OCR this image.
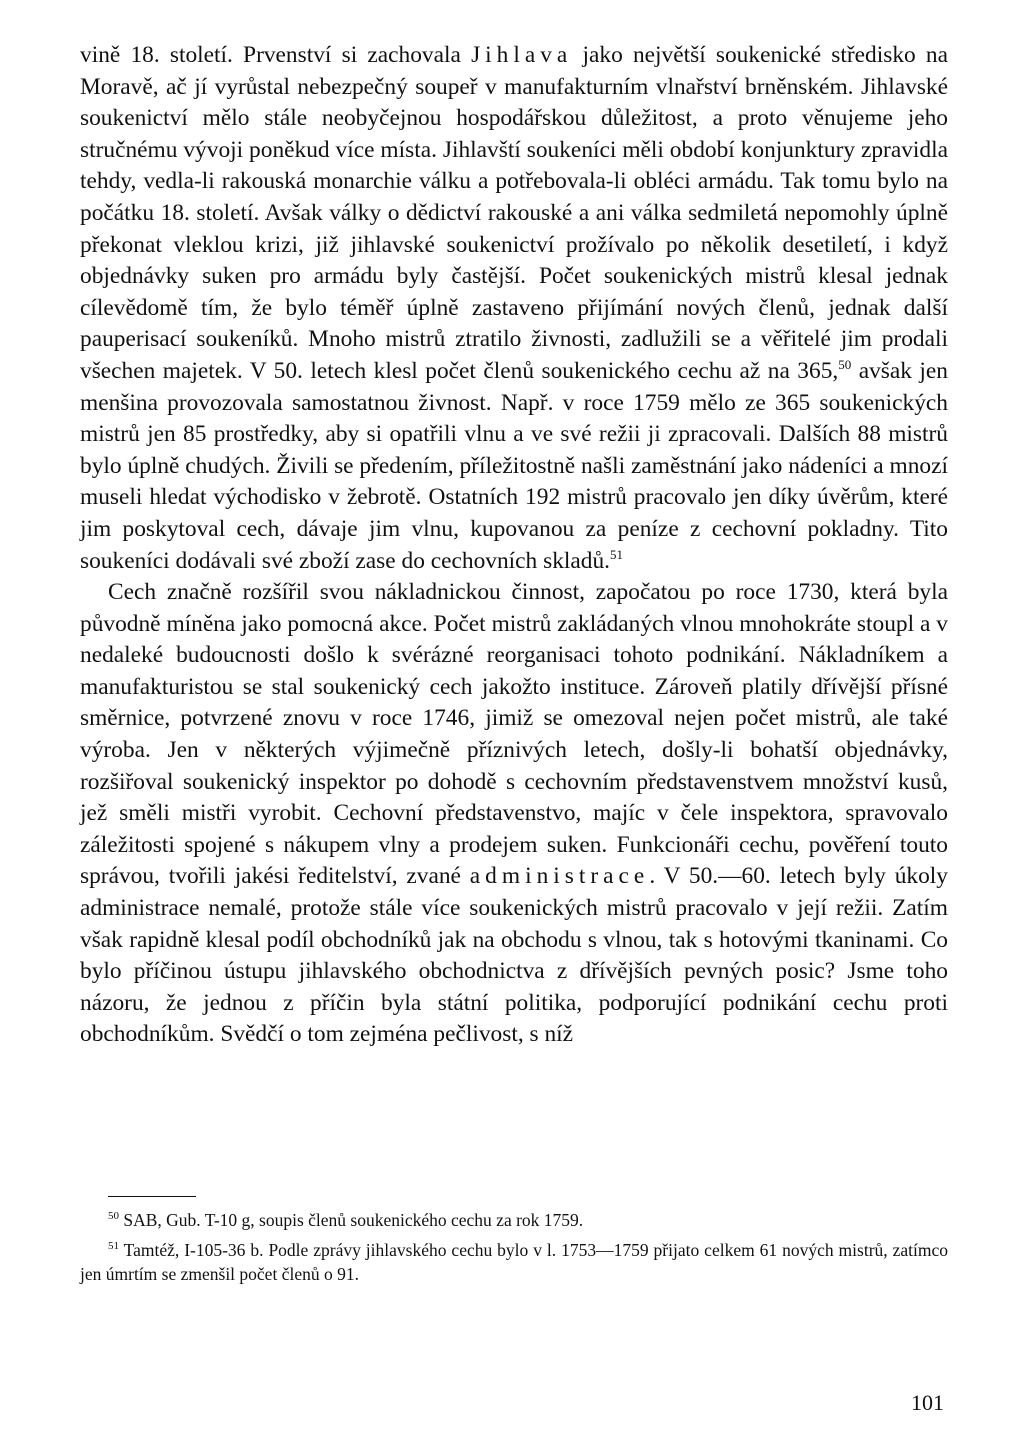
vině 18. století. Prvenství si zachovala Jihlava jako největší soukenické středisko na Moravě, ač jí vyrůstal nebezpečný soupeř v manufakturním vlnařství brněnském. Jihlavské soukenictví mělo stále neobyčejnou hospodářskou důležitost, a proto věnujeme jeho stručnému vývoji poněkud více místa. Jihlavští soukeníci měli období konjunktury zpravidla tehdy, vedla-li rakouská monarchie válku a potřebovala-li obléci armádu. Tak tomu bylo na počátku 18. století. Avšak války o dědictví rakouské a ani válka sedmiletá nepomohly úplně překonat vleklou krizi, již jihlavské soukenictví prožívalo po několik desetiletí, i když objednávky suken pro armádu byly častější. Počet soukenických mistrů klesal jednak cílevědomě tím, že bylo téměř úplně zastaveno přijímání nových členů, jednak další pauperisací soukeníků. Mnoho mistrů ztratilo živnosti, zadlužili se a věřitelé jim prodali všechen majetek. V 50. letech klesl počet členů soukenického cechu až na 365,50 avšak jen menšina provozovala samostatnou živnost. Např. v roce 1759 mělo ze 365 soukenických mistrů jen 85 prostředky, aby si opatřili vlnu a ve své režii ji zpracovali. Dalších 88 mistrů bylo úplně chudých. Živili se předením, příležitostně našli zaměstnání jako nádeníci a mnozí museli hledat východisko v žebrotě. Ostatních 192 mistrů pracovalo jen díky úvěrům, které jim poskytoval cech, dávaje jim vlnu, kupovanou za peníze z cechovní pokladny. Tito soukeníci dodávali své zboží zase do cechovních skladů.$^{51}$

Cech značně rozšířil svou nákladnickou činnost, započatou po roce 1730, která byla původně míněna jako pomocná akce. Počet mistrů zakládaných vlnou mnohokráte stoupl a v nedaleké budoucnosti došlo k svérázné reorganisaci tohoto podnikání. Nákladníkem a manufakturistou se stal soukenický cech jakožto instituce. Zároveň platily dřívější přísné směrnice, potvrzené znovu v roce 1746, jimiž se omezoval nejen počet mistrů, ale také výroba. Jen v některých výjimečně příznivých letech, došly-li bohatší objednávky, rozšiřoval soukenický inspektor po dohodě s cechovním představenstvem množství kusů, jež směli mistři vyrobit. Cechovní představenstvo, majíc v čele inspektora, spravovalo záležitosti spojené s nákupem vlny a prodejem suken. Funkcionáři cechu, pověření touto správou, tvořili jakési ředitelství, zvané administrace. V 50.—60. letech byly úkoly administrace nemalé, protože stále více soukenických mistrů pracovalo v její režii. Zatím však rapidně klesal podíl obchodníků jak na obchodu s vlnou, tak s hotovými tkaninami. Co bylo příčinou ústupu jihlavského obchodnictva z dřívějších pevných posic? Jsme toho názoru, že jednou z příčin byla státní politika, podporující podnikání cechu proti obchodníkům. Svědčí o tom zejména pečlivost, s níž

$^{50}$ SAB, Gub. T-10 g, soupis členů soukenického cechu za rok 1759.

$^{51}$ Tamtéž, I-105-36 b. Podle zprávy jihlavského cechu bylo v l. 1753—1759 přijato celkem 61 nových mistrů, zatímco jen úmrtím se zmenšil počet členů o 91.

101
